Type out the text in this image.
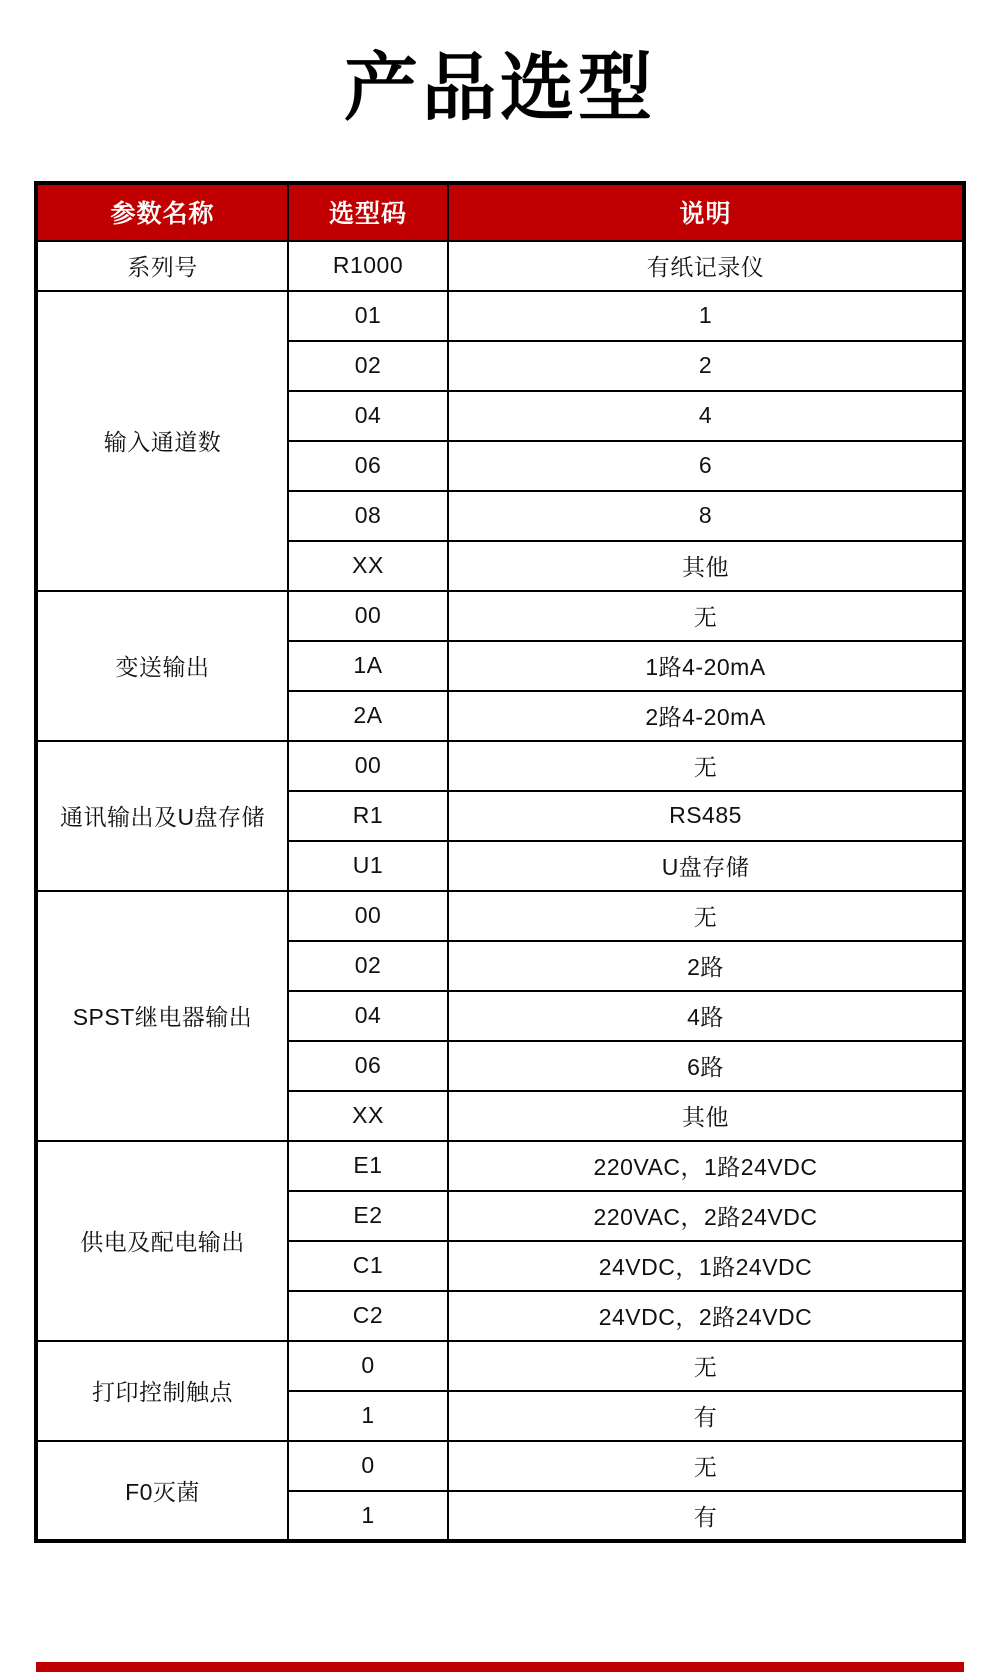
产品选型
参数名称	选型码	说明
系列号	R1000	有纸记录仪
输入通道数	01	1
	02	2
	04	4
	06	6
	08	8
	XX	其他
变送输出	00	无
	1A	1路4-20mA
	2A	2路4-20mA
通讯输出及U盘存储	00	无
	R1	RS485
	U1	U盘存储
SPST继电器输出	00	无
	02	2路
	04	4路
	06	6路
	XX	其他
供电及配电输出	E1	220VAC，1路24VDC
	E2	220VAC，2路24VDC
	C1	24VDC，1路24VDC
	C2	24VDC，2路24VDC
打印控制触点	0	无
	1	有
F0灭菌	0	无
	1	有
